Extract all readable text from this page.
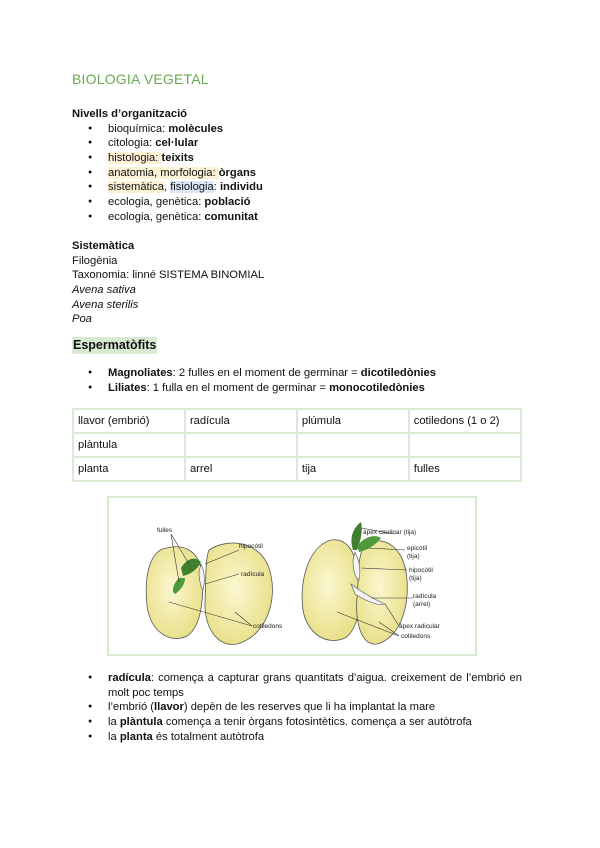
BIOLOGIA VEGETAL
Nivells d’organització
● bioquímica: molècules
● citologia: cel·lular
● histologia: teixits
● anatomia, morfologia: òrgans
● sistemàtica, fisiologia: individu
● ecologia, genètica: població
● ecologia, genètica: comunitat
Sistemàtica
Filogènia
Taxonomia: linné SISTEMA BINOMIAL
Avena sativa
Avena sterilis
Poa
Espermatòfits
● Magnoliates: 2 fulles en el moment de germinar = dicotiledònies
● Liliates: 1 fulla en el moment de germinar = monocotiledònies
llavor (embrió)	radícula	plúmula	cotiledons (1 o 2)
plàntula			
planta	arrel	tija	fulles
fulles
hipocòtil
radícula
cotiledons
àpex caulinar (tija)
epicòtil
(tija)
hipocòtil
(tija)
radícula
(arrel)
àpex radicular
cotiledons
● radícula: comença a capturar grans quantitats d’aigua. creixement de l’embrió en molt poc temps
● l’embrió (llavor) depèn de les reserves que li ha implantat la mare
● la plàntula comença a tenir òrgans fotosintètics. comença a ser autòtrofa
● la planta és totalment autòtrofa
